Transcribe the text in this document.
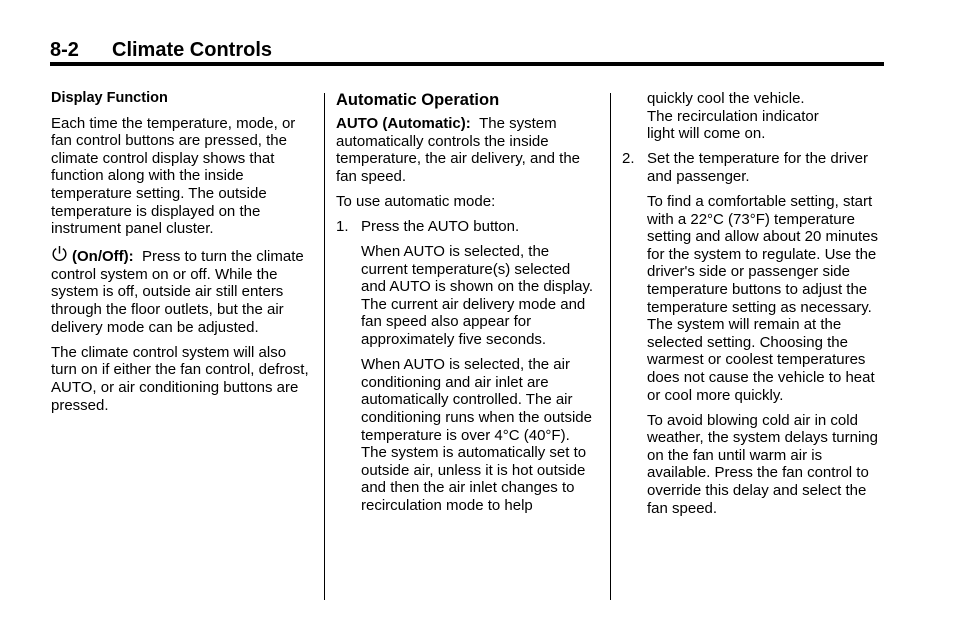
8-2 Climate Controls
Display Function

Each time the temperature, mode, or fan control buttons are pressed, the climate control display shows that function along with the inside temperature setting. The outside temperature is displayed on the instrument panel cluster.

(On/Off): Press to turn the climate control system on or off. While the system is off, outside air still enters through the floor outlets, but the air delivery mode can be adjusted.

The climate control system will also turn on if either the fan control, defrost, AUTO, or air conditioning buttons are pressed.

Automatic Operation

AUTO (Automatic): The system automatically controls the inside temperature, the air delivery, and the fan speed.

To use automatic mode:

1. Press the AUTO button.

When AUTO is selected, the current temperature(s) selected and AUTO is shown on the display. The current air delivery mode and fan speed also appear for approximately five seconds.

When AUTO is selected, the air conditioning and air inlet are automatically controlled. The air conditioning runs when the outside temperature is over 4°C (40°F). The system is automatically set to outside air, unless it is hot outside and then the air inlet changes to recirculation mode to help

quickly cool the vehicle.
The recirculation indicator
light will come on.

2. Set the temperature for the driver and passenger.

To find a comfortable setting, start with a 22°C (73°F) temperature setting and allow about 20 minutes for the system to regulate. Use the driver's side or passenger side temperature buttons to adjust the temperature setting as necessary. The system will remain at the selected setting. Choosing the warmest or coolest temperatures does not cause the vehicle to heat or cool more quickly.

To avoid blowing cold air in cold weather, the system delays turning on the fan until warm air is available. Press the fan control to override this delay and select the fan speed.
